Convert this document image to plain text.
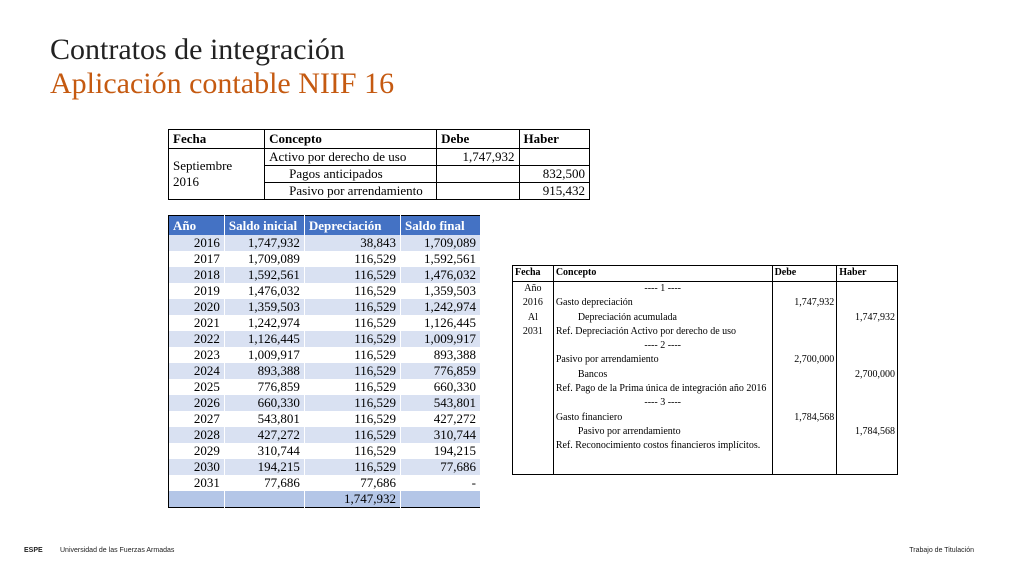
Contratos de integración
Aplicación contable NIIF 16
Fecha	Concepto	Debe	Haber
Septiembre 2016	Activo por derecho de uso	1,747,932	
	Pagos anticipados		832,500
	Pasivo por arrendamiento		915,432
Año	Saldo inicial	Depreciación	Saldo final
2016	1,747,932	38,843	1,709,089
2017	1,709,089	116,529	1,592,561
2018	1,592,561	116,529	1,476,032
2019	1,476,032	116,529	1,359,503
2020	1,359,503	116,529	1,242,974
2021	1,242,974	116,529	1,126,445
2022	1,126,445	116,529	1,009,917
2023	1,009,917	116,529	893,388
2024	893,388	116,529	776,859
2025	776,859	116,529	660,330
2026	660,330	116,529	543,801
2027	543,801	116,529	427,272
2028	427,272	116,529	310,744
2029	310,744	116,529	194,215
2030	194,215	116,529	77,686
2031	77,686	77,686	-
		1,747,932	
Fecha	Concepto	Debe	Haber
Año	---- 1 ----		
2016	Gasto depreciación	1,747,932	
Al	Depreciación acumulada		1,747,932
2031	Ref. Depreciación Activo por derecho de uso		
	---- 2 ----		
	Pasivo por arrendamiento	2,700,000	
	Bancos		2,700,000
	Ref. Pago de la Prima única de integración año 2016		
	---- 3 ----		
	Gasto financiero	1,784,568	
	Pasivo por arrendamiento		1,784,568
	Ref. Reconocimiento costos financieros implícitos.		

ESPE Universidad de las Fuerzas Armadas	Trabajo de Titulación
